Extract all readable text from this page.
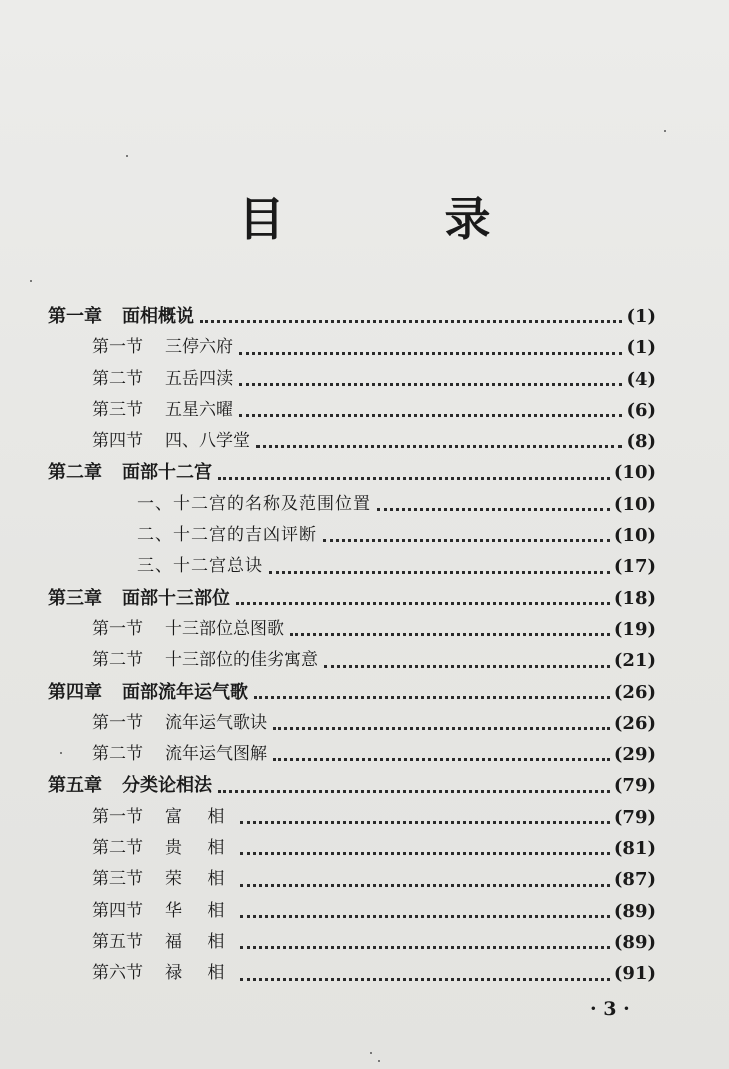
目 录
第一章 面相概说	(1)
第一节 三停六府	(1)
第二节 五岳四渎	(4)
第三节 五星六曜	(6)
第四节 四、八学堂	(8)
第二章 面部十二宫	(10)
一、十二宫的名称及范围位置	(10)
二、十二宫的吉凶评断	(10)
三、十二宫总诀	(17)
第三章 面部十三部位	(18)
第一节 十三部位总图歌	(19)
第二节 十三部位的佳劣寓意	(21)
第四章 面部流年运气歌	(26)
第一节 流年运气歌诀	(26)
第二节 流年运气图解	(29)
第五章 分类论相法	(79)
第一节 富 相	(79)
第二节 贵 相	(81)
第三节 荣 相	(87)
第四节 华 相	(89)
第五节 福 相	(89)
第六节 禄 相	(91)
· 3 ·
